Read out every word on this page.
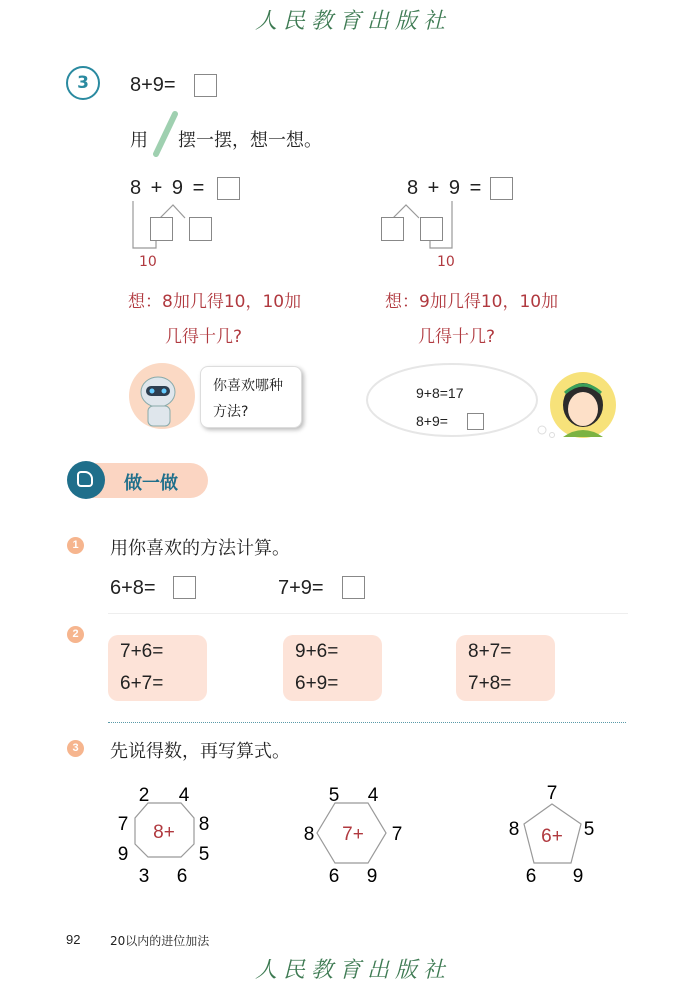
人民教育出版社
3	8+9=
用 摆一摆，想一想。
8 + 9 =
10
想：8加几得10，10加
几得十几?
8 + 9 =
10
想：9加几得10，10加
几得十几?
你喜欢哪种
方法?
9+8=17
8+9=
做一做
1	用你喜欢的方法计算。
6+8=	7+9=
2
7+6=
6+7=
9+6=
6+9=
8+7=
7+8=
3	先说得数，再写算式。
8+
2 4
8
5
6
3
9
7	7+
5 4
7
9
6
8	6+
7
5
9
6
8
92 20以内的进位加法
人民教育出版社
